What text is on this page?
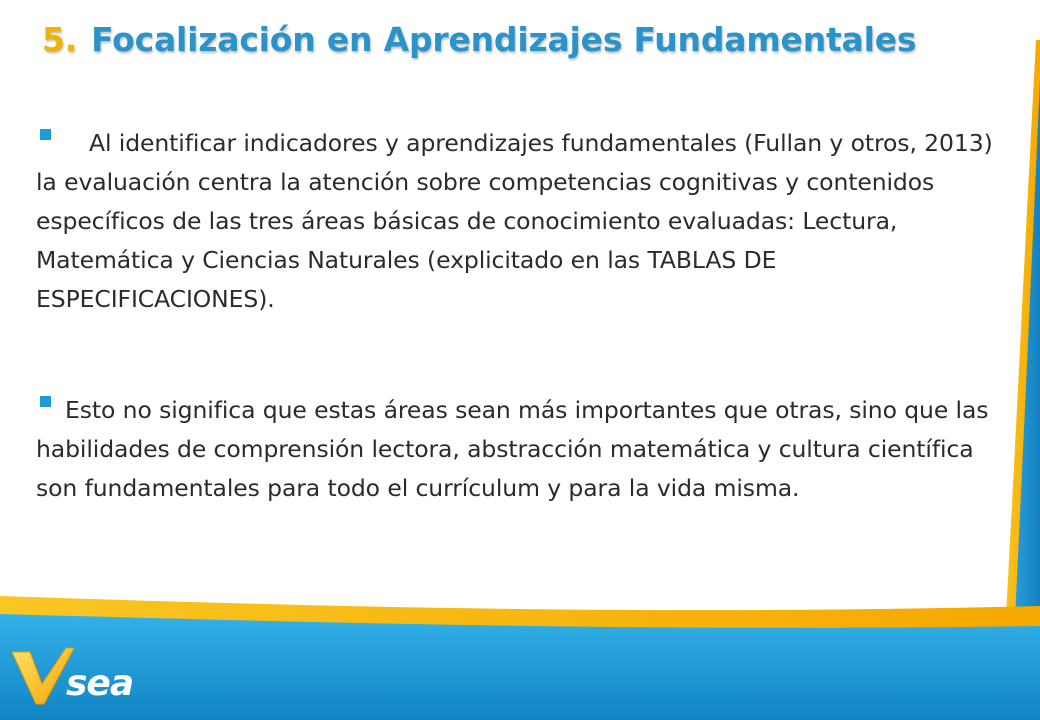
5. Focalización en Aprendizajes Fundamentales

Al identificar indicadores y aprendizajes fundamentales (Fullan y otros, 2013) la evaluación centra la atención sobre competencias cognitivas y contenidos específicos de las tres áreas básicas de conocimiento evaluadas: Lectura, Matemática y Ciencias Naturales (explicitado en las TABLAS DE ESPECIFICACIONES).

Esto no significa que estas áreas sean más importantes que otras, sino que las habilidades de comprensión lectora, abstracción matemática y cultura científica son fundamentales para todo el currículum y para la vida misma.

sea
